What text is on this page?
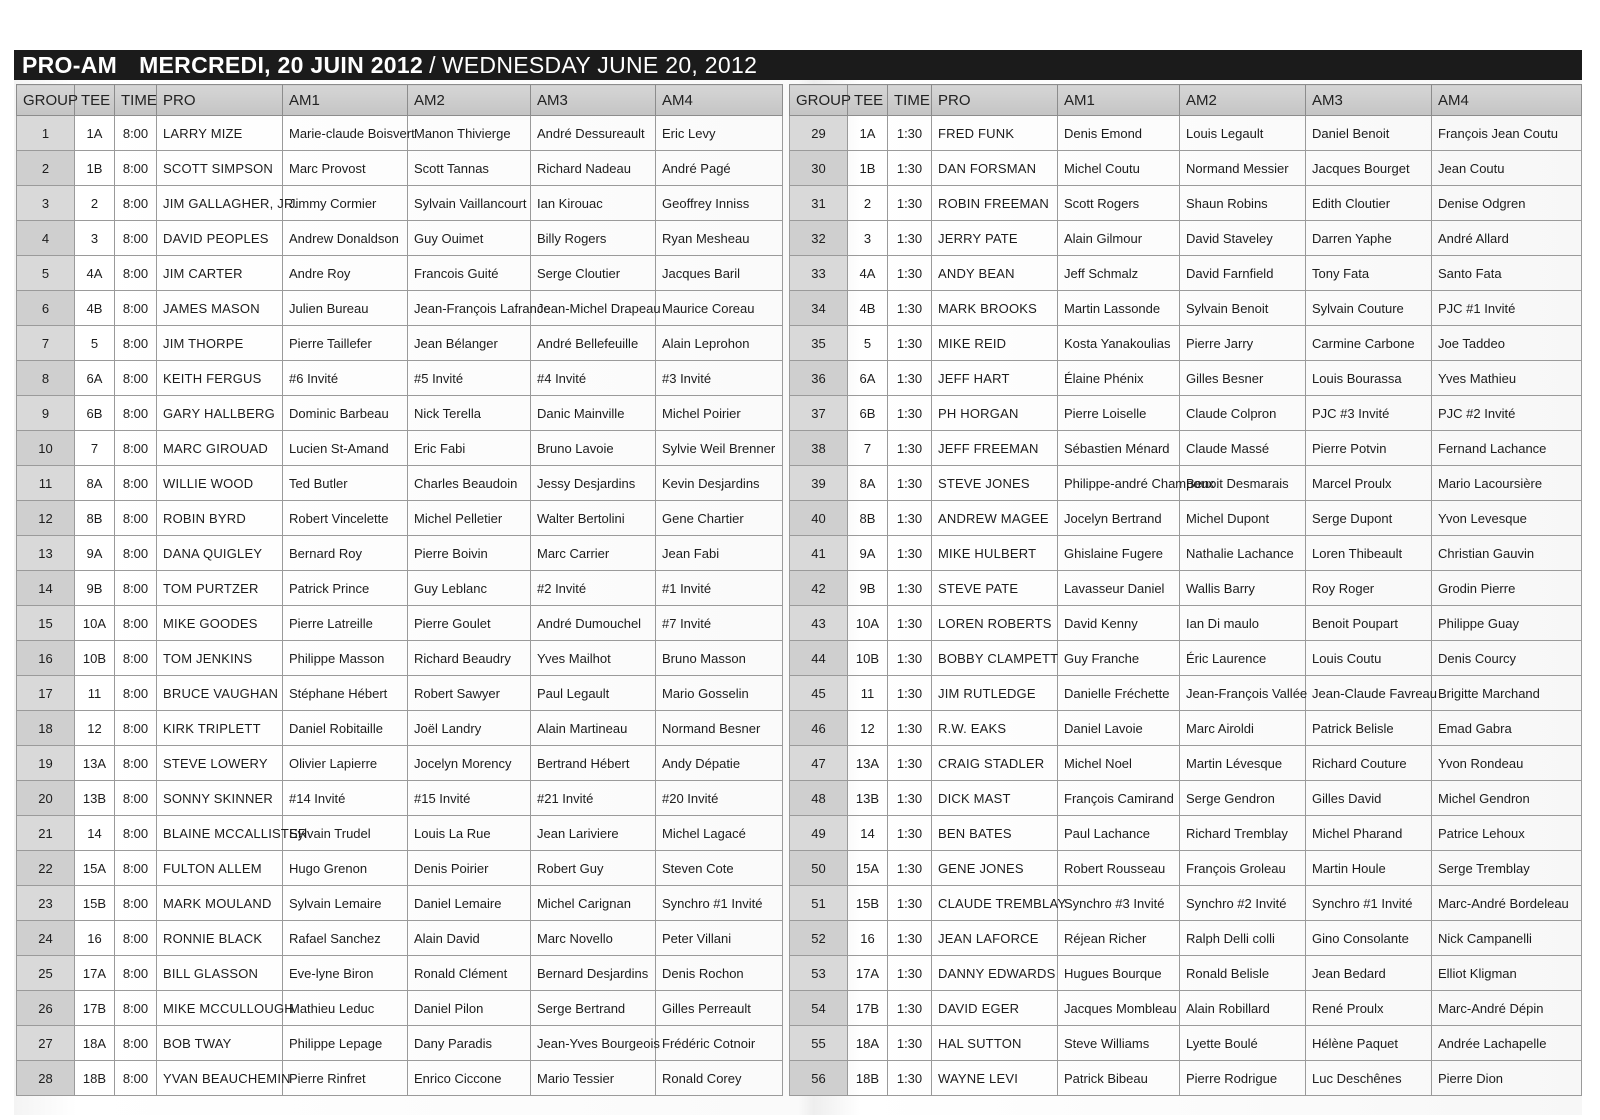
PRO-AM MERCREDI, 20 JUIN 2012 / WEDNESDAY JUNE 20, 2012
GROUP	TEE	TIME	PRO	AM1	AM2	AM3	AM4
1	1A	8:00	LARRY MIZE	Marie-claude Boisvert	Manon Thivierge	André Dessureault	Eric Levy
2	1B	8:00	SCOTT SIMPSON	Marc Provost	Scott Tannas	Richard Nadeau	André Pagé
3	2	8:00	JIM GALLAGHER, JR.	Jimmy Cormier	Sylvain Vaillancourt	Ian Kirouac	Geoffrey Inniss
4	3	8:00	DAVID PEOPLES	Andrew Donaldson	Guy Ouimet	Billy Rogers	Ryan Mesheau
5	4A	8:00	JIM CARTER	Andre Roy	Francois Guité	Serge Cloutier	Jacques Baril
6	4B	8:00	JAMES MASON	Julien Bureau	Jean-François Lafrance	Jean-Michel Drapeau	Maurice Coreau
7	5	8:00	JIM THORPE	Pierre Taillefer	Jean Bélanger	André Bellefeuille	Alain Leprohon
8	6A	8:00	KEITH FERGUS	#6 Invité	#5 Invité	#4 Invité	#3 Invité
9	6B	8:00	GARY HALLBERG	Dominic Barbeau	Nick Terella	Danic Mainville	Michel Poirier
10	7	8:00	MARC GIROUAD	Lucien St-Amand	Eric Fabi	Bruno Lavoie	Sylvie Weil Brenner
11	8A	8:00	WILLIE WOOD	Ted Butler	Charles Beaudoin	Jessy Desjardins	Kevin Desjardins
12	8B	8:00	ROBIN BYRD	Robert Vincelette	Michel Pelletier	Walter Bertolini	Gene Chartier
13	9A	8:00	DANA QUIGLEY	Bernard Roy	Pierre Boivin	Marc Carrier	Jean Fabi
14	9B	8:00	TOM PURTZER	Patrick Prince	Guy Leblanc	#2 Invité	#1 Invité
15	10A	8:00	MIKE GOODES	Pierre Latreille	Pierre Goulet	André Dumouchel	#7 Invité
16	10B	8:00	TOM JENKINS	Philippe Masson	Richard Beaudry	Yves Mailhot	Bruno Masson
17	11	8:00	BRUCE VAUGHAN	Stéphane Hébert	Robert Sawyer	Paul Legault	Mario Gosselin
18	12	8:00	KIRK TRIPLETT	Daniel Robitaille	Joël Landry	Alain Martineau	Normand Besner
19	13A	8:00	STEVE LOWERY	Olivier Lapierre	Jocelyn Morency	Bertrand Hébert	Andy Dépatie
20	13B	8:00	SONNY SKINNER	#14 Invité	#15 Invité	#21 Invité	#20 Invité
21	14	8:00	BLAINE MCCALLISTER	Sylvain Trudel	Louis La Rue	Jean Lariviere	Michel Lagacé
22	15A	8:00	FULTON ALLEM	Hugo Grenon	Denis Poirier	Robert Guy	Steven Cote
23	15B	8:00	MARK MOULAND	Sylvain Lemaire	Daniel Lemaire	Michel Carignan	Synchro #1 Invité
24	16	8:00	RONNIE BLACK	Rafael Sanchez	Alain David	Marc Novello	Peter Villani
25	17A	8:00	BILL GLASSON	Eve-lyne Biron	Ronald Clément	Bernard Desjardins	Denis Rochon
26	17B	8:00	MIKE MCCULLOUGH	Mathieu Leduc	Daniel Pilon	Serge Bertrand	Gilles Perreault
27	18A	8:00	BOB TWAY	Philippe Lepage	Dany Paradis	Jean-Yves Bourgeois	Frédéric Cotnoir
28	18B	8:00	YVAN BEAUCHEMIN	Pierre Rinfret	Enrico Ciccone	Mario Tessier	Ronald Corey
GROUP	TEE	TIME	PRO	AM1	AM2	AM3	AM4
29	1A	1:30	FRED FUNK	Denis Emond	Louis Legault	Daniel Benoit	François Jean Coutu
30	1B	1:30	DAN FORSMAN	Michel Coutu	Normand Messier	Jacques Bourget	Jean Coutu
31	2	1:30	ROBIN FREEMAN	Scott Rogers	Shaun Robins	Edith Cloutier	Denise Odgren
32	3	1:30	JERRY PATE	Alain Gilmour	David Staveley	Darren Yaphe	André Allard
33	4A	1:30	ANDY BEAN	Jeff Schmalz	David Farnfield	Tony Fata	Santo Fata
34	4B	1:30	MARK BROOKS	Martin Lassonde	Sylvain Benoit	Sylvain Couture	PJC #1 Invité
35	5	1:30	MIKE REID	Kosta Yanakoulias	Pierre Jarry	Carmine Carbone	Joe Taddeo
36	6A	1:30	JEFF HART	Élaine Phénix	Gilles Besner	Louis Bourassa	Yves Mathieu
37	6B	1:30	PH HORGAN	Pierre Loiselle	Claude Colpron	PJC #3 Invité	PJC #2 Invité
38	7	1:30	JEFF FREEMAN	Sébastien Ménard	Claude Massé	Pierre Potvin	Fernand Lachance
39	8A	1:30	STEVE JONES	Philippe-andré Champoux	Benoit Desmarais	Marcel Proulx	Mario Lacoursière
40	8B	1:30	ANDREW MAGEE	Jocelyn Bertrand	Michel Dupont	Serge Dupont	Yvon Levesque
41	9A	1:30	MIKE HULBERT	Ghislaine Fugere	Nathalie Lachance	Loren Thibeault	Christian Gauvin
42	9B	1:30	STEVE PATE	Lavasseur Daniel	Wallis Barry	Roy Roger	Grodin Pierre
43	10A	1:30	LOREN ROBERTS	David Kenny	Ian Di maulo	Benoit Poupart	Philippe Guay
44	10B	1:30	BOBBY CLAMPETT	Guy Franche	Éric Laurence	Louis Coutu	Denis Courcy
45	11	1:30	JIM RUTLEDGE	Danielle Fréchette	Jean-François Vallée	Jean-Claude Favreau	Brigitte Marchand
46	12	1:30	R.W. EAKS	Daniel Lavoie	Marc Airoldi	Patrick Belisle	Emad Gabra
47	13A	1:30	CRAIG STADLER	Michel Noel	Martin Lévesque	Richard Couture	Yvon Rondeau
48	13B	1:30	DICK MAST	François Camirand	Serge Gendron	Gilles David	Michel Gendron
49	14	1:30	BEN BATES	Paul Lachance	Richard Tremblay	Michel Pharand	Patrice Lehoux
50	15A	1:30	GENE JONES	Robert Rousseau	François Groleau	Martin Houle	Serge Tremblay
51	15B	1:30	CLAUDE TREMBLAY	Synchro #3 Invité	Synchro #2 Invité	Synchro #1 Invité	Marc-André Bordeleau
52	16	1:30	JEAN LAFORCE	Réjean Richer	Ralph Delli colli	Gino Consolante	Nick Campanelli
53	17A	1:30	DANNY EDWARDS	Hugues Bourque	Ronald Belisle	Jean Bedard	Elliot Kligman
54	17B	1:30	DAVID EGER	Jacques Mombleau	Alain Robillard	René Proulx	Marc-André Dépin
55	18A	1:30	HAL SUTTON	Steve Williams	Lyette Boulé	Hélène Paquet	Andrée Lachapelle
56	18B	1:30	WAYNE LEVI	Patrick Bibeau	Pierre Rodrigue	Luc Deschênes	Pierre Dion
